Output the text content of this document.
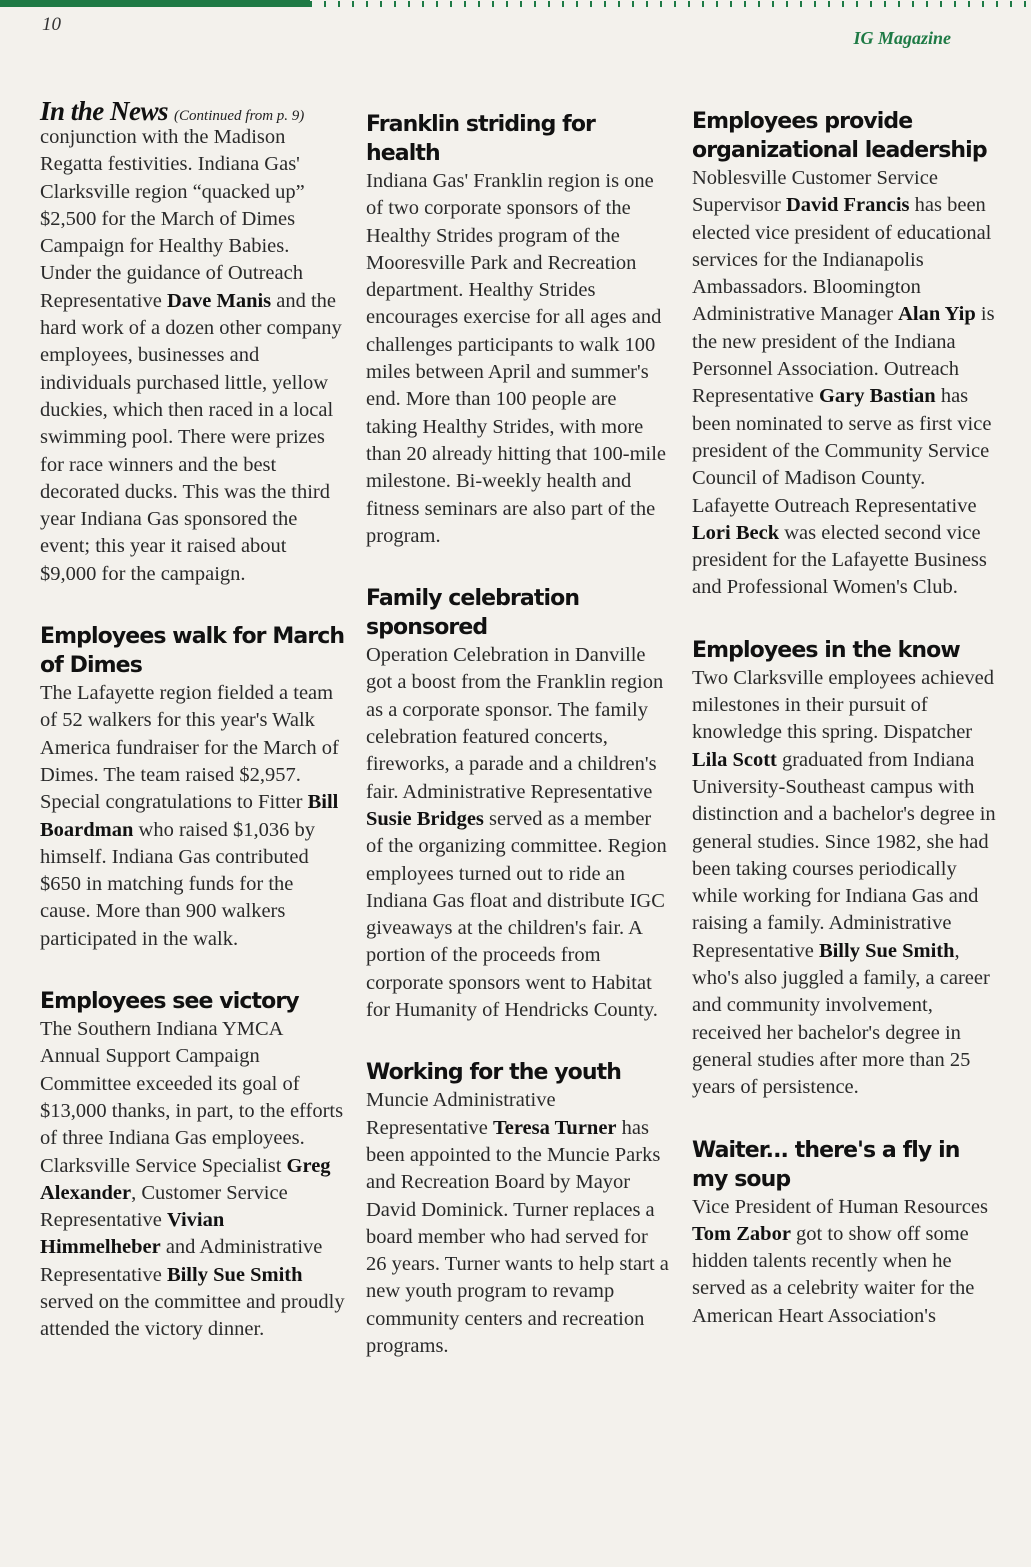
10
IG Magazine
In the News (Continued from p. 9)

conjunction with the Madison Regatta festivities. Indiana Gas' Clarksville region “quacked up” $2,500 for the March of Dimes Campaign for Healthy Babies. Under the guidance of Outreach Representative Dave Manis and the hard work of a dozen other company employees, businesses and individuals purchased little, yellow duckies, which then raced in a local swimming pool. There were prizes for race winners and the best decorated ducks. This was the third year Indiana Gas sponsored the event; this year it raised about $9,000 for the campaign.

Employees walk for March of Dimes

The Lafayette region fielded a team of 52 walkers for this year's Walk America fundraiser for the March of Dimes. The team raised $2,957. Special congratulations to Fitter Bill Boardman who raised $1,036 by himself. Indiana Gas contributed $650 in matching funds for the cause. More than 900 walkers participated in the walk.

Employees see victory

The Southern Indiana YMCA Annual Support Campaign Committee exceeded its goal of $13,000 thanks, in part, to the efforts of three Indiana Gas employees. Clarksville Service Specialist Greg Alexander, Customer Service Representative Vivian Himmelheber and Administrative Representative Billy Sue Smith served on the committee and proudly attended the victory dinner.

Franklin striding for health

Indiana Gas' Franklin region is one of two corporate sponsors of the Healthy Strides program of the Mooresville Park and Recreation department. Healthy Strides encourages exercise for all ages and challenges participants to walk 100 miles between April and summer's end. More than 100 people are taking Healthy Strides, with more than 20 already hitting that 100-mile milestone. Bi-weekly health and fitness seminars are also part of the program.

Family celebration sponsored

Operation Celebration in Danville got a boost from the Franklin region as a corporate sponsor. The family celebration featured concerts, fireworks, a parade and a children's fair. Administrative Representative Susie Bridges served as a member of the organizing committee. Region employees turned out to ride an Indiana Gas float and distribute IGC giveaways at the children's fair. A portion of the proceeds from corporate sponsors went to Habitat for Humanity of Hendricks County.

Working for the youth

Muncie Administrative Representative Teresa Turner has been appointed to the Muncie Parks and Recreation Board by Mayor David Dominick. Turner replaces a board member who had served for 26 years. Turner wants to help start a new youth program to revamp community centers and recreation programs.

Employees provide organizational leadership

Noblesville Customer Service Supervisor David Francis has been elected vice president of educational services for the Indianapolis Ambassadors. Bloomington Administrative Manager Alan Yip is the new president of the Indiana Personnel Association. Outreach Representative Gary Bastian has been nominated to serve as first vice president of the Community Service Council of Madison County. Lafayette Outreach Representative Lori Beck was elected second vice president for the Lafayette Business and Professional Women's Club.

Employees in the know

Two Clarksville employees achieved milestones in their pursuit of knowledge this spring. Dispatcher Lila Scott graduated from Indiana University-Southeast campus with distinction and a bachelor's degree in general studies. Since 1982, she had been taking courses periodically while working for Indiana Gas and raising a family. Administrative Representative Billy Sue Smith, who's also juggled a family, a career and community involvement, received her bachelor's degree in general studies after more than 25 years of persistence.

Waiter... there's a fly in my soup

Vice President of Human Resources Tom Zabor got to show off some hidden talents recently when he served as a celebrity waiter for the American Heart Association's
